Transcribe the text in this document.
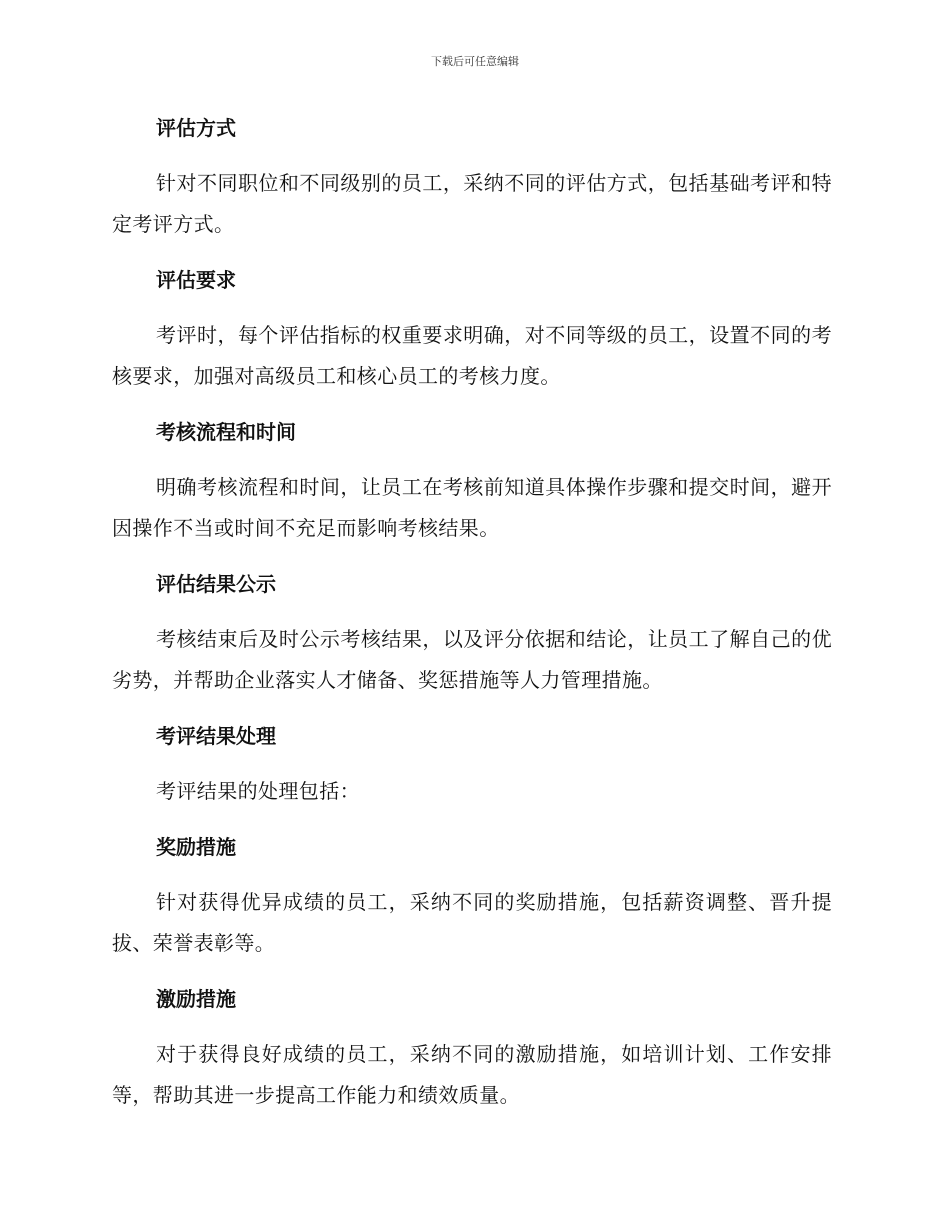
下载后可任意编辑
评估方式

针对不同职位和不同级别的员工，采纳不同的评估方式，包括基础考评和特定考评方式。

评估要求

考评时，每个评估指标的权重要求明确，对不同等级的员工，设置不同的考核要求，加强对高级员工和核心员工的考核力度。

考核流程和时间

明确考核流程和时间，让员工在考核前知道具体操作步骤和提交时间，避开因操作不当或时间不充足而影响考核结果。

评估结果公示

考核结束后及时公示考核结果，以及评分依据和结论，让员工了解自己的优劣势，并帮助企业落实人才储备、奖惩措施等人力管理措施。

考评结果处理

考评结果的处理包括：

奖励措施

针对获得优异成绩的员工，采纳不同的奖励措施，包括薪资调整、晋升提拔、荣誉表彰等。

激励措施

对于获得良好成绩的员工，采纳不同的激励措施，如培训计划、工作安排等，帮助其进一步提高工作能力和绩效质量。
